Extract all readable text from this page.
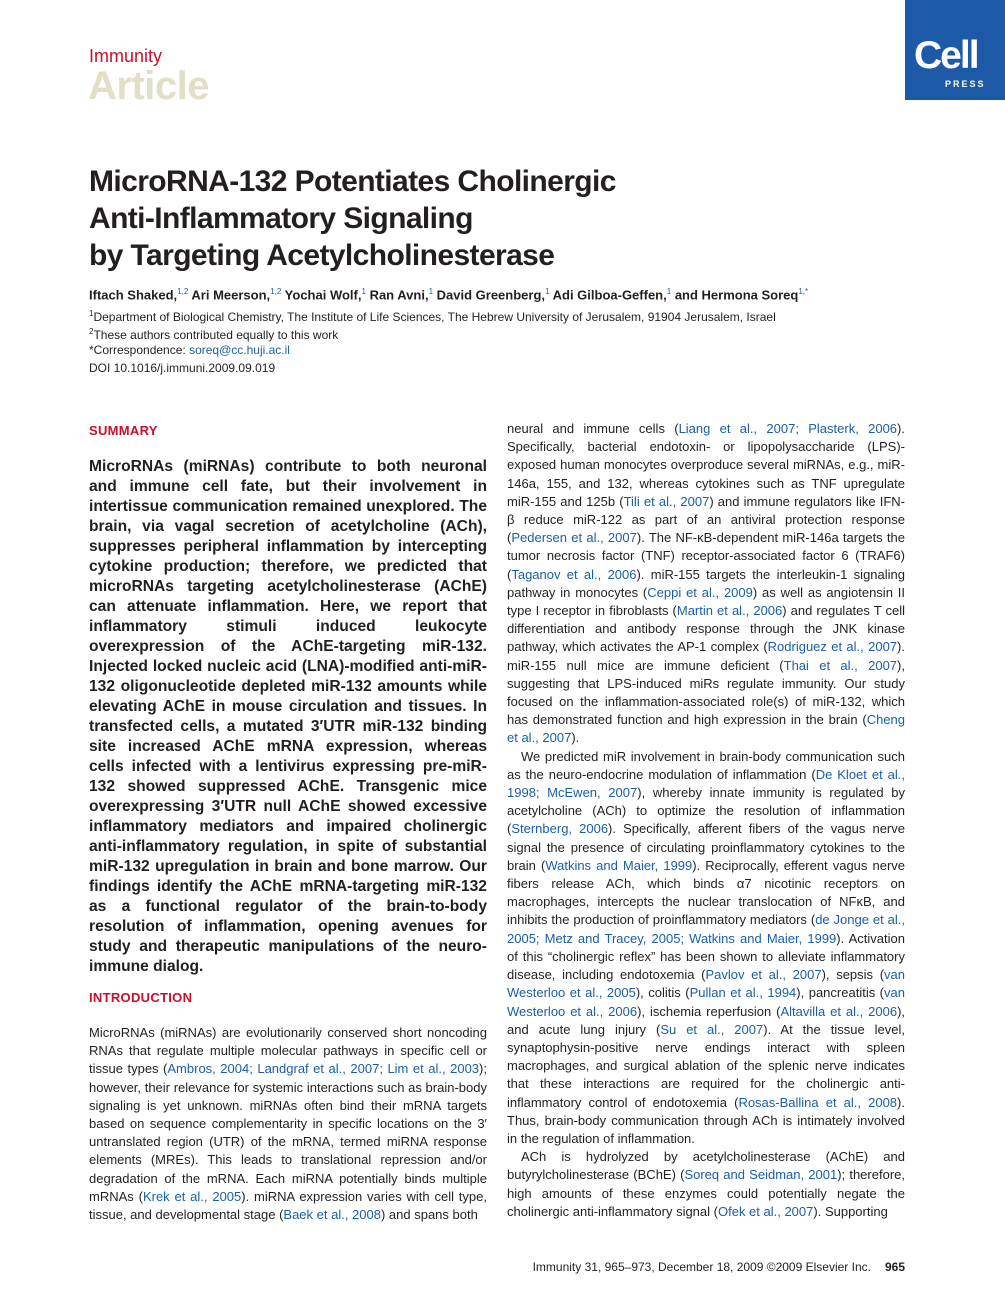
Immunity
Article
Cell
PRESS
MicroRNA-132 Potentiates Cholinergic
Anti-Inflammatory Signaling
by Targeting Acetylcholinesterase
Iftach Shaked,$^{1,2}$ Ari Meerson,$^{1,2}$ Yochai Wolf,$^1$ Ran Avni,$^1$ David Greenberg,$^1$ Adi Gilboa-Geffen,$^1$ and Hermona Soreq$^{1,*}$
$^1$Department of Biological Chemistry, The Institute of Life Sciences, The Hebrew University of Jerusalem, 91904 Jerusalem, Israel
$^2$These authors contributed equally to this work
*Correspondence: soreq@cc.huji.ac.il
DOI 10.1016/j.immuni.2009.09.019
SUMMARY
MicroRNAs (miRNAs) contribute to both neuronal and immune cell fate, but their involvement in intertissue communication remained unexplored. The brain, via vagal secretion of acetylcholine (ACh), suppresses peripheral inflammation by intercepting cytokine production; therefore, we predicted that microRNAs targeting acetylcholinesterase (AChE) can attenuate inflammation. Here, we report that inflammatory stimuli induced leukocyte overexpression of the AChE-targeting miR-132. Injected locked nucleic acid (LNA)-modified anti-miR-132 oligonucleotide depleted miR-132 amounts while elevating AChE in mouse circulation and tissues. In transfected cells, a mutated 3′UTR miR-132 binding site increased AChE mRNA expression, whereas cells infected with a lentivirus expressing pre-miR-132 showed suppressed AChE. Transgenic mice overexpressing 3′UTR null AChE showed excessive inflammatory mediators and impaired cholinergic anti-inflammatory regulation, in spite of substantial miR-132 upregulation in brain and bone marrow. Our findings identify the AChE mRNA-targeting miR-132 as a functional regulator of the brain-to-body resolution of inflammation, opening avenues for study and therapeutic manipulations of the neuro-immune dialog.
INTRODUCTION

MicroRNAs (miRNAs) are evolutionarily conserved short noncoding RNAs that regulate multiple molecular pathways in specific cell or tissue types (Ambros, 2004; Landgraf et al., 2007; Lim et al., 2003); however, their relevance for systemic interactions such as brain-body signaling is yet unknown. miRNAs often bind their mRNA targets based on sequence complementarity in specific locations on the 3′ untranslated region (UTR) of the mRNA, termed miRNA response elements (MREs). This leads to translational repression and/or degradation of the mRNA. Each miRNA potentially binds multiple mRNAs (Krek et al., 2005). miRNA expression varies with cell type, tissue, and developmental stage (Baek et al., 2008) and spans both

neural and immune cells (Liang et al., 2007; Plasterk, 2006). Specifically, bacterial endotoxin- or lipopolysaccharide (LPS)-exposed human monocytes overproduce several miRNAs, e.g., miR-146a, 155, and 132, whereas cytokines such as TNF upregulate miR-155 and 125b (Tili et al., 2007) and immune regulators like IFN-β reduce miR-122 as part of an antiviral protection response (Pedersen et al., 2007). The NF-κB-dependent miR-146a targets the tumor necrosis factor (TNF) receptor-associated factor 6 (TRAF6) (Taganov et al., 2006). miR-155 targets the interleukin-1 signaling pathway in monocytes (Ceppi et al., 2009) as well as angiotensin II type I receptor in fibroblasts (Martin et al., 2006) and regulates T cell differentiation and antibody response through the JNK kinase pathway, which activates the AP-1 complex (Rodriguez et al., 2007). miR-155 null mice are immune deficient (Thai et al., 2007), suggesting that LPS-induced miRs regulate immunity. Our study focused on the inflammation-associated role(s) of miR-132, which has demonstrated function and high expression in the brain (Cheng et al., 2007).

We predicted miR involvement in brain-body communication such as the neuro-endocrine modulation of inflammation (De Kloet et al., 1998; McEwen, 2007), whereby innate immunity is regulated by acetylcholine (ACh) to optimize the resolution of inflammation (Sternberg, 2006). Specifically, afferent fibers of the vagus nerve signal the presence of circulating proinflammatory cytokines to the brain (Watkins and Maier, 1999). Reciprocally, efferent vagus nerve fibers release ACh, which binds α7 nicotinic receptors on macrophages, intercepts the nuclear translocation of NFκB, and inhibits the production of proinflammatory mediators (de Jonge et al., 2005; Metz and Tracey, 2005; Watkins and Maier, 1999). Activation of this “cholinergic reflex” has been shown to alleviate inflammatory disease, including endotoxemia (Pavlov et al., 2007), sepsis (van Westerloo et al., 2005), colitis (Pullan et al., 1994), pancreatitis (van Westerloo et al., 2006), ischemia reperfusion (Altavilla et al., 2006), and acute lung injury (Su et al., 2007). At the tissue level, synaptophysin-positive nerve endings interact with spleen macrophages, and surgical ablation of the splenic nerve indicates that these interactions are required for the cholinergic anti-inflammatory control of endotoxemia (Rosas-Ballina et al., 2008). Thus, brain-body communication through ACh is intimately involved in the regulation of inflammation.

ACh is hydrolyzed by acetylcholinesterase (AChE) and butyrylcholinesterase (BChE) (Soreq and Seidman, 2001); therefore, high amounts of these enzymes could potentially negate the cholinergic anti-inflammatory signal (Ofek et al., 2007). Supporting

Immunity 31, 965–973, December 18, 2009 ©2009 Elsevier Inc. 965
